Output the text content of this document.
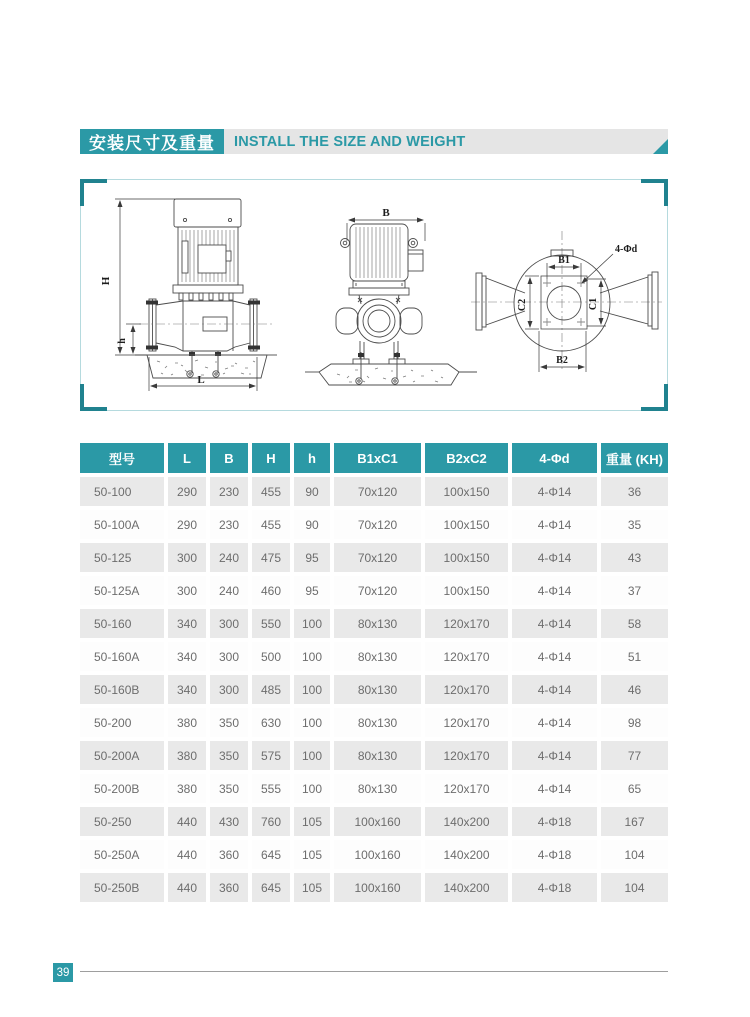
安装尺寸及重量	INSTALL THE SIZE AND WEIGHT
H
h
L
B
B1
B2
C2	C1
4-Φd
型号	L	B	H	h	B1xC1	B2xC2	4-Φd	重量 (KH)
50-100	290	230	455	90	70x120	100x150	4-Φ14	36
50-100A	290	230	455	90	70x120	100x150	4-Φ14	35
50-125	300	240	475	95	70x120	100x150	4-Φ14	43
50-125A	300	240	460	95	70x120	100x150	4-Φ14	37
50-160	340	300	550	100	80x130	120x170	4-Φ14	58
50-160A	340	300	500	100	80x130	120x170	4-Φ14	51
50-160B	340	300	485	100	80x130	120x170	4-Φ14	46
50-200	380	350	630	100	80x130	120x170	4-Φ14	98
50-200A	380	350	575	100	80x130	120x170	4-Φ14	77
50-200B	380	350	555	100	80x130	120x170	4-Φ14	65
50-250	440	430	760	105	100x160	140x200	4-Φ18	167
50-250A	440	360	645	105	100x160	140x200	4-Φ18	104
50-250B	440	360	645	105	100x160	140x200	4-Φ18	104
39
